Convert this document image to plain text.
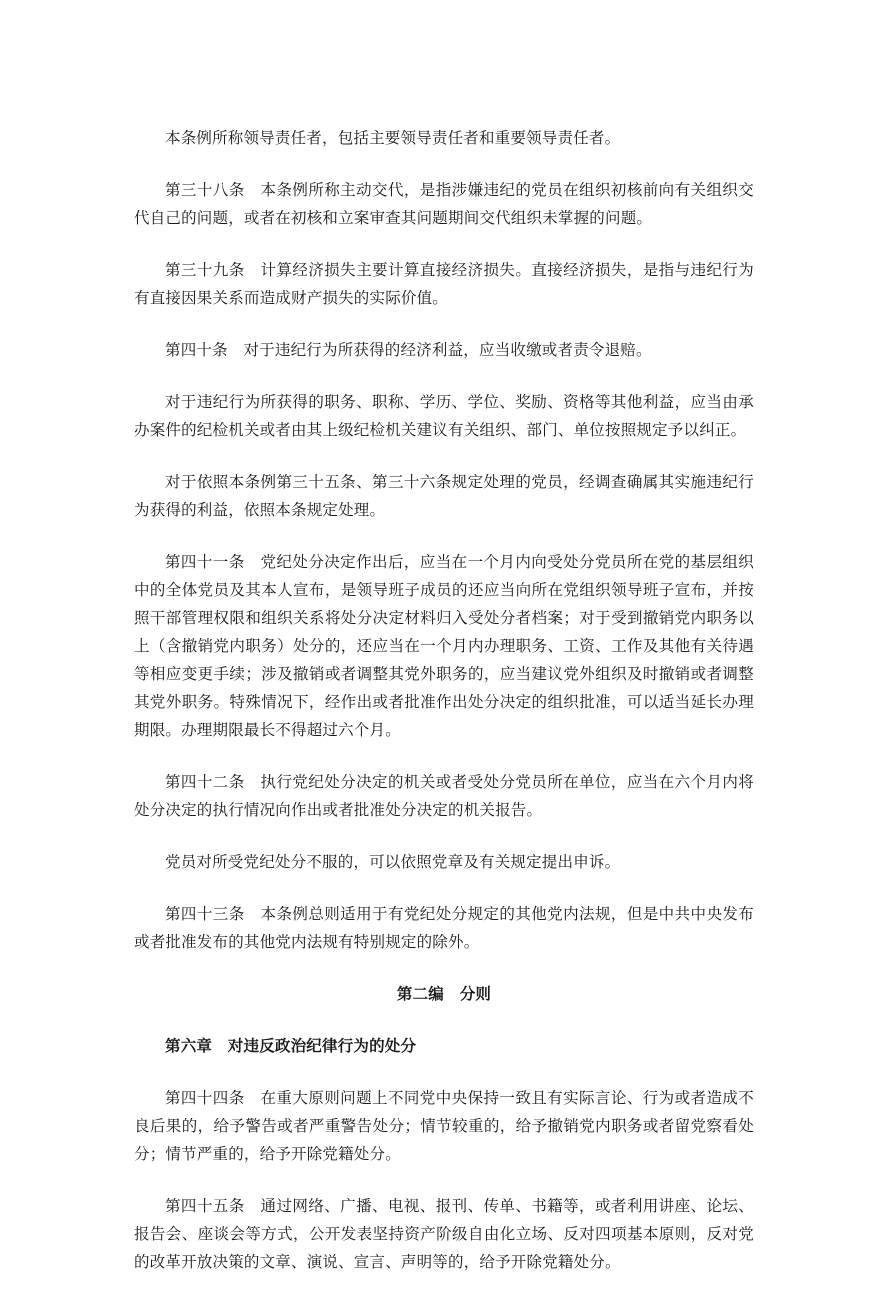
本条例所称领导责任者，包括主要领导责任者和重要领导责任者。

第三十八条　本条例所称主动交代，是指涉嫌违纪的党员在组织初核前向有关组织交代自己的问题，或者在初核和立案审查其问题期间交代组织未掌握的问题。

第三十九条　计算经济损失主要计算直接经济损失。直接经济损失，是指与违纪行为有直接因果关系而造成财产损失的实际价值。

第四十条　对于违纪行为所获得的经济利益，应当收缴或者责令退赔。

对于违纪行为所获得的职务、职称、学历、学位、奖励、资格等其他利益，应当由承办案件的纪检机关或者由其上级纪检机关建议有关组织、部门、单位按照规定予以纠正。

对于依照本条例第三十五条、第三十六条规定处理的党员，经调查确属其实施违纪行为获得的利益，依照本条规定处理。

第四十一条　党纪处分决定作出后，应当在一个月内向受处分党员所在党的基层组织中的全体党员及其本人宣布，是领导班子成员的还应当向所在党组织领导班子宣布，并按照干部管理权限和组织关系将处分决定材料归入受处分者档案；对于受到撤销党内职务以上（含撤销党内职务）处分的，还应当在一个月内办理职务、工资、工作及其他有关待遇等相应变更手续；涉及撤销或者调整其党外职务的，应当建议党外组织及时撤销或者调整其党外职务。特殊情况下，经作出或者批准作出处分决定的组织批准，可以适当延长办理期限。办理期限最长不得超过六个月。

第四十二条　执行党纪处分决定的机关或者受处分党员所在单位，应当在六个月内将处分决定的执行情况向作出或者批准处分决定的机关报告。

党员对所受党纪处分不服的，可以依照党章及有关规定提出申诉。

第四十三条　本条例总则适用于有党纪处分规定的其他党内法规，但是中共中央发布或者批准发布的其他党内法规有特别规定的除外。

第二编　分则

第六章　对违反政治纪律行为的处分

第四十四条　在重大原则问题上不同党中央保持一致且有实际言论、行为或者造成不良后果的，给予警告或者严重警告处分；情节较重的，给予撤销党内职务或者留党察看处分；情节严重的，给予开除党籍处分。

第四十五条　通过网络、广播、电视、报刊、传单、书籍等，或者利用讲座、论坛、报告会、座谈会等方式，公开发表坚持资产阶级自由化立场、反对四项基本原则，反对党的改革开放决策的文章、演说、宣言、声明等的，给予开除党籍处分。
